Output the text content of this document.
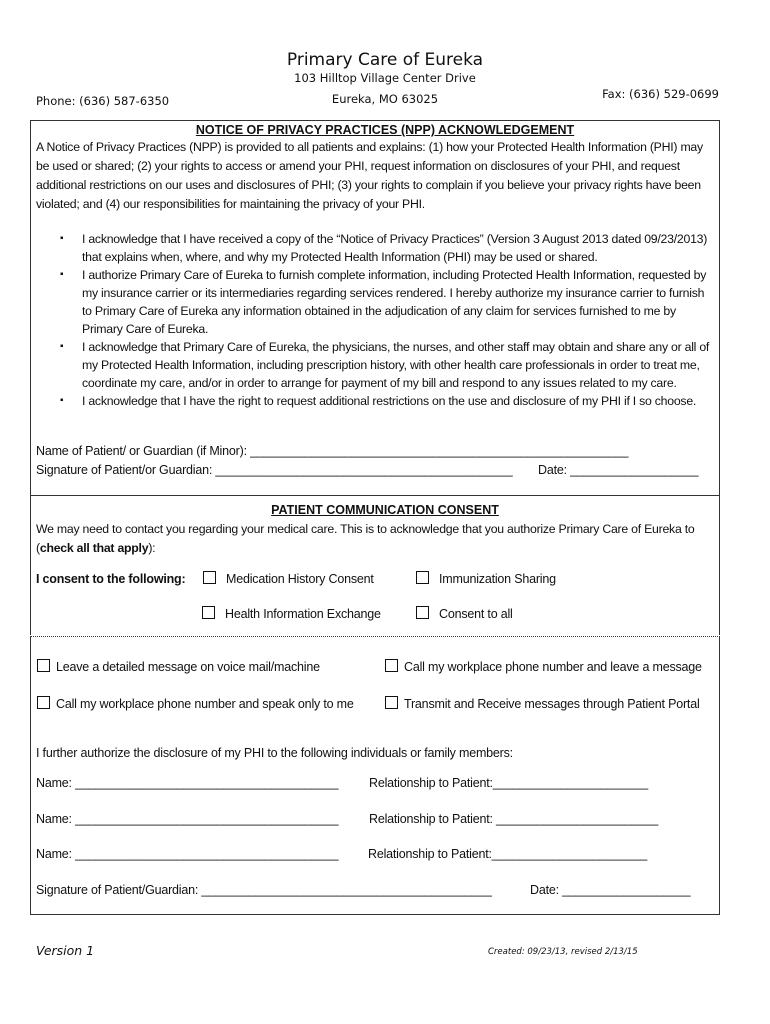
Primary Care of Eureka
103 Hilltop Village Center Drive
Eureka, MO 63025
Phone: (636) 587-6350	Fax: (636) 529-0699
NOTICE OF PRIVACY PRACTICES (NPP) ACKNOWLEDGEMENT
A Notice of Privacy Practices (NPP) is provided to all patients and explains: (1) how your Protected Health Information (PHI) may be used or shared; (2) your rights to access or amend your PHI, request information on disclosures of your PHI, and request additional restrictions on our uses and disclosures of PHI; (3) your rights to complain if you believe your privacy rights have been violated; and (4) our responsibilities for maintaining the privacy of your PHI.
▪ I acknowledge that I have received a copy of the “Notice of Privacy Practices” (Version 3 August 2013 dated 09/23/2013) that explains when, where, and why my Protected Health Information (PHI) may be used or shared.
▪ I authorize Primary Care of Eureka to furnish complete information, including Protected Health Information, requested by my insurance carrier or its intermediaries regarding services rendered. I hereby authorize my insurance carrier to furnish to Primary Care of Eureka any information obtained in the adjudication of any claim for services furnished to me by Primary Care of Eureka.
▪ I acknowledge that Primary Care of Eureka, the physicians, the nurses, and other staff may obtain and share any or all of my Protected Health Information, including prescription history, with other health care professionals in order to treat me, coordinate my care, and/or in order to arrange for payment of my bill and respond to any issues related to my care.
▪ I acknowledge that I have the right to request additional restrictions on the use and disclosure of my PHI if I so choose.
Name of Patient/ or Guardian (if Minor): ________________________________________________________
Signature of Patient/or Guardian: ____________________________________________ Date: ___________________
PATIENT COMMUNICATION CONSENT
We may need to contact you regarding your medical care. This is to acknowledge that you authorize Primary Care of Eureka to (check all that apply):
I consent to the following:	Medication History Consent	Immunization Sharing
Health Information Exchange	Consent to all
Leave a detailed message on voice mail/machine	Call my workplace phone number and leave a message
Call my workplace phone number and speak only to me	Transmit and Receive messages through Patient Portal
I further authorize the disclosure of my PHI to the following individuals or family members:
Name: _______________________________________ Relationship to Patient:_______________________
Name: _______________________________________ Relationship to Patient: ________________________
Name: _______________________________________ Relationship to Patient:_______________________
Signature of Patient/Guardian: ___________________________________________	Date: ___________________
Version 1	Created: 09/23/13, revised 2/13/15
